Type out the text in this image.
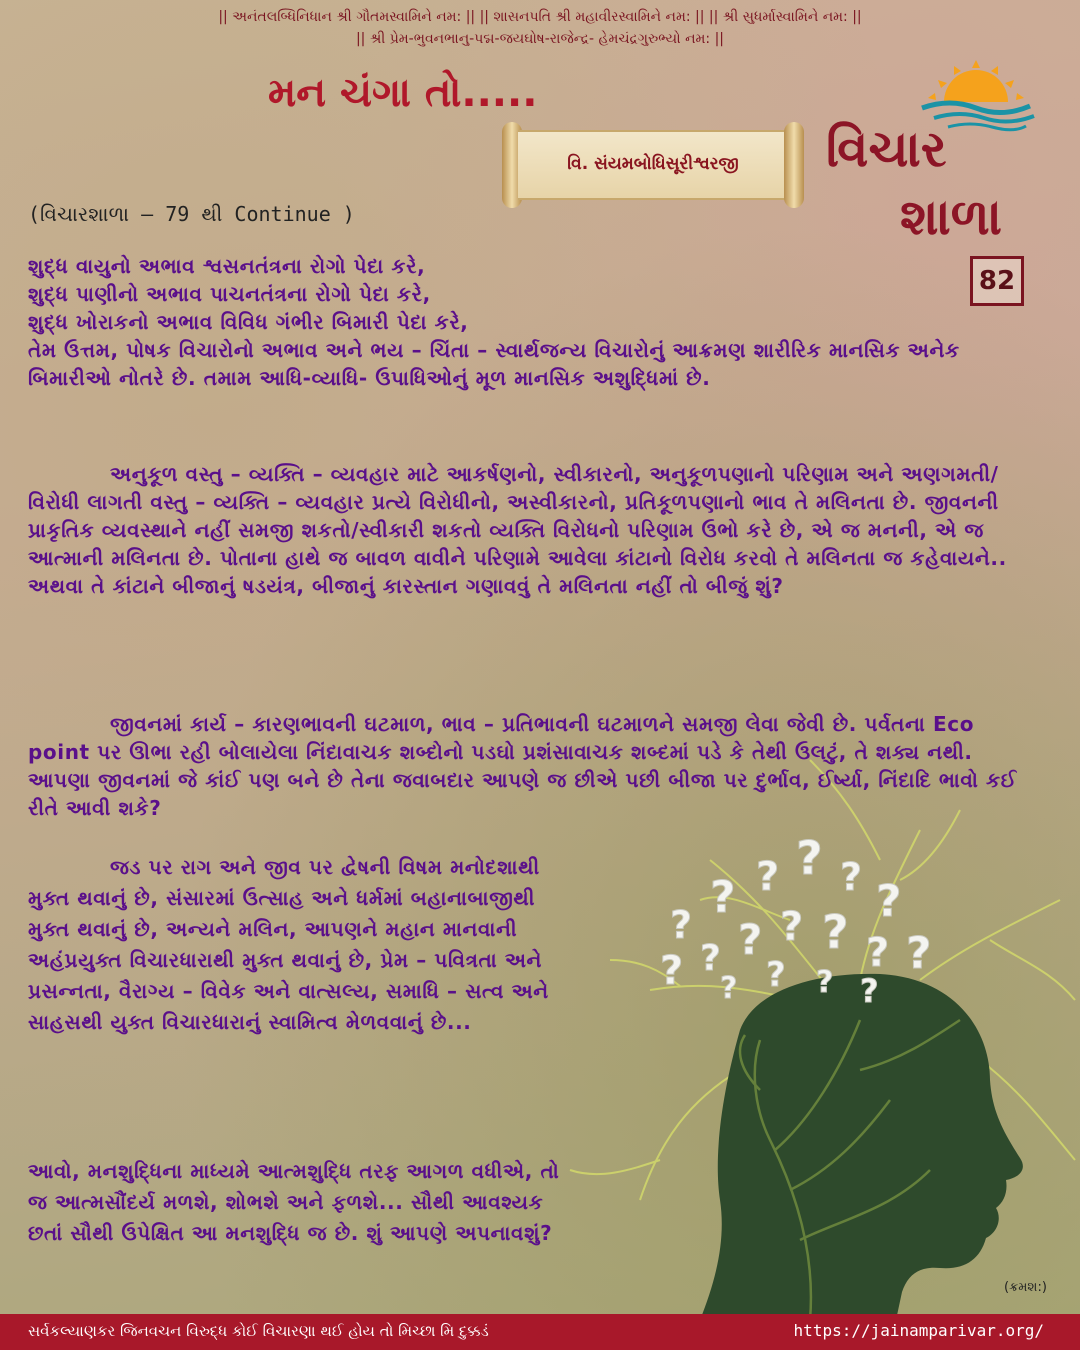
|| અનંતલબ્ધિનિધાન શ્રી ગૌતમસ્વામિને નમ: || || શાસનપતિ શ્રી મહાવીરસ્વામિને નમ: || || શ્રી સુધર્માસ્વામિને નમ: ||
|| શ્રી પ્રેમ-ભુવનભાનુ-પદ્મ-જયઘોષ-રાજેન્દ્ર- હેમચંદ્રગુરુભ્યો નમ: ||
મન ચંગા તો.....
વિ. સંયમબોધિસૂરીશ્વરજી	વિચાર
શાળા
82
(વિચારશાળા – 79 થી Continue )
?
? ? ? ? ?
? ? ? ? ? ? ?
? ?
?	?
શુદ્ધ વાયુનો અભાવ શ્વસનતંત્રના રોગો પેદા કરે,
શુદ્ધ પાણીનો અભાવ પાચનતંત્રના રોગો પેદા કરે,
શુદ્ધ ખોરાકનો અભાવ વિવિધ ગંભીર બિમારી પેદા કરે,
તેમ ઉત્તમ, પોષક વિચારોનો અભાવ અને ભય – ચિંતા – સ્વાર્થજન્ય વિચારોનું આક્રમણ શારીરિક માનસિક અનેક બિમારીઓ નોતરે છે. તમામ આધિ-વ્યાધિ- ઉપાધિઓનું મૂળ માનસિક અશુદ્ધિમાં છે.
અનુકૂળ વસ્તુ – વ્યક્તિ – વ્યવહાર માટે આકર્ષણનો, સ્વીકારનો, અનુકૂળપણાનો પરિણામ અને અણગમતી/ વિરોધી લાગતી વસ્તુ – વ્યક્તિ – વ્યવહાર પ્રત્યે વિરોધીનો, અસ્વીકારનો, પ્રતિકૂળપણાનો ભાવ તે મલિનતા છે. જીવનની પ્રાકૃતિક વ્યવસ્થાને નહીં સમજી શકતો/સ્વીકારી શકતો વ્યક્તિ વિરોધનો પરિણામ ઉભો કરે છે, એ જ મનની, એ જ આત્માની મલિનતા છે. પોતાના હાથે જ બાવળ વાવીને પરિણામે આવેલા કાંટાનો વિરોધ કરવો તે મલિનતા જ કહેવાયને.. અથવા તે કાંટાને બીજાનું ષડયંત્ર, બીજાનું કારસ્તાન ગણાવવું તે મલિનતા નહીં તો બીજું શું?
જીવનમાં કાર્ય – કારણભાવની ઘટમાળ, ભાવ – પ્રતિભાવની ઘટમાળને સમજી લેવા જેવી છે. પર્વતના Eco point પર ઊભા રહી બોલાયેલા નિંદાવાચક શબ્દોનો પડઘો પ્રશંસાવાચક શબ્દમાં પડે કે તેથી ઉલટું, તે શક્ય નથી. આપણા જીવનમાં જે કાંઈ પણ બને છે તેના જવાબદાર આપણે જ છીએ પછી બીજા પર દુર્ભાવ, ઈર્ષ્યા, નિંદાદિ ભાવો કઈ રીતે આવી શકે?
જડ પર રાગ અને જીવ પર દ્વેષની વિષમ મનોદશાથી મુક્ત થવાનું છે, સંસારમાં ઉત્સાહ અને ધર્મમાં બહાનાબાજીથી મુક્ત થવાનું છે, અન્યને મલિન, આપણને મહાન માનવાની અહંપ્રયુક્ત વિચારધારાથી મુક્ત થવાનું છે, પ્રેમ – પવિત્રતા અને પ્રસન્નતા, વૈરાગ્ય – વિવેક અને વાત્સલ્ય, સમાધિ – સત્વ અને સાહસથી યુક્ત વિચારધારાનું સ્વામિત્વ મેળવવાનું છે...
આવો, મનશુદ્ધિના માધ્યમે આત્મશુદ્ધિ તરફ આગળ વધીએ, તો જ આત્મસૌંદર્ય મળશે, શોભશે અને ફળશે... સૌથી આવશ્યક છતાં સૌથી ઉપેક્ષિત આ મનશુદ્ધિ જ છે. શું આપણે અપનાવશું?
(ક્રમશ:)
સર્વકલ્યાણકર જિનવચન વિરુદ્ધ કોઈ વિચારણા થઈ હોય તો મિચ્છા મિ દુક્કડં	https://jainamparivar.org/
